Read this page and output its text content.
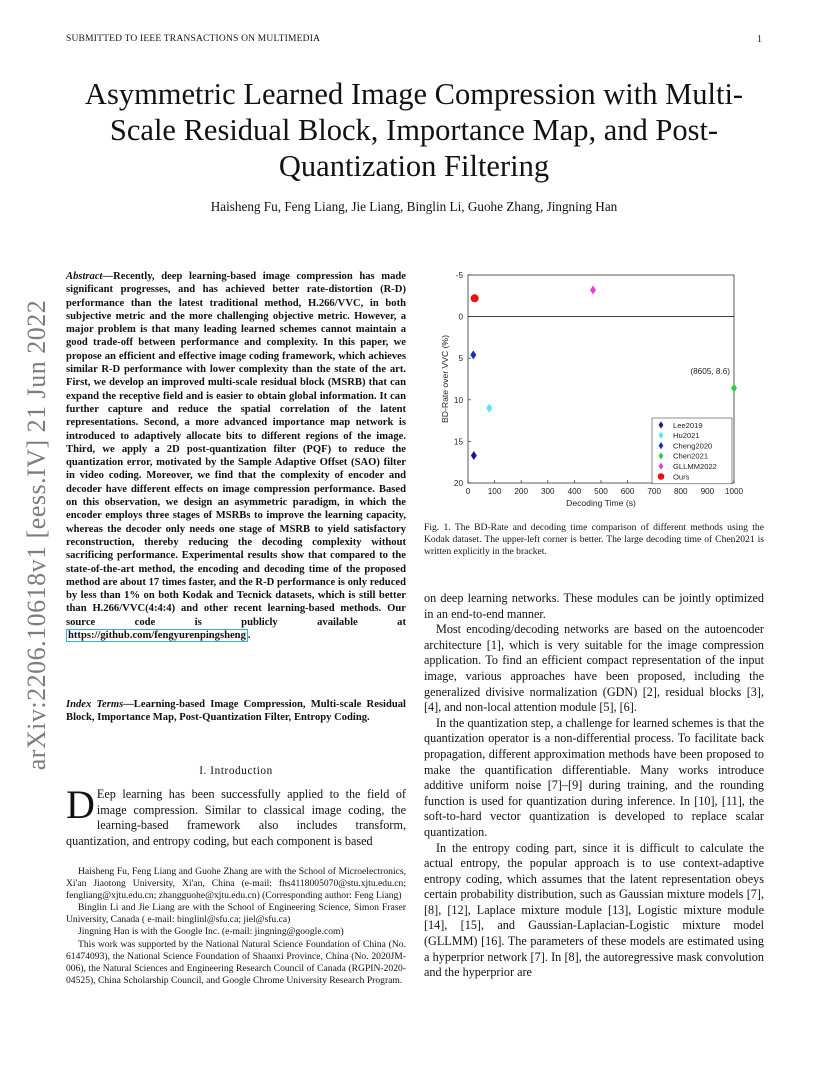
SUBMITTED TO IEEE TRANSACTIONS ON MULTIMEDIA	1
arXiv:2206.10618v1 [eess.IV] 21 Jun 2022
Asymmetric Learned Image Compression with Multi-Scale Residual Block, Importance Map, and Post-Quantization Filtering
Haisheng Fu, Feng Liang, Jie Liang, Binglin Li, Guohe Zhang, Jingning Han
Abstract—Recently, deep learning-based image compression has made significant progresses, and has achieved better rate-distortion (R-D) performance than the latest traditional method, H.266/VVC, in both subjective metric and the more challenging objective metric. However, a major problem is that many leading learned schemes cannot maintain a good trade-off between performance and complexity. In this paper, we propose an efficient and effective image coding framework, which achieves similar R-D performance with lower complexity than the state of the art. First, we develop an improved multi-scale residual block (MSRB) that can expand the receptive field and is easier to obtain global information. It can further capture and reduce the spatial correlation of the latent representations. Second, a more advanced importance map network is introduced to adaptively allocate bits to different regions of the image. Third, we apply a 2D post-quantization filter (PQF) to reduce the quantization error, motivated by the Sample Adaptive Offset (SAO) filter in video coding. Moreover, we find that the complexity of encoder and decoder have different effects on image compression performance. Based on this observation, we design an asymmetric paradigm, in which the encoder employs three stages of MSRBs to improve the learning capacity, whereas the decoder only needs one stage of MSRB to yield satisfactory reconstruction, thereby reducing the decoding complexity without sacrificing performance. Experimental results show that compared to the state-of-the-art method, the encoding and decoding time of the proposed method are about 17 times faster, and the R-D performance is only reduced by less than 1% on both Kodak and Tecnick datasets, which is still better than H.266/VVC(4:4:4) and other recent learning-based methods. Our source code is publicly available at https://github.com/fengyurenpingsheng .
Index Terms—Learning-based Image Compression, Multi-scale Residual Block, Importance Map, Post-Quantization Filter, Entropy Coding.
I. Introduction
D Eep learning has been successfully applied to the field of image compression. Similar to classical image coding, the learning-based framework also includes transform, quantization, and entropy coding, but each component is based

Haisheng Fu, Feng Liang and Guohe Zhang are with the School of Microelectronics, Xi'an Jiaotong University, Xi'an, China (e-mail: fhs4118005070@stu.xjtu.edu.cn; fengliang@xjtu.edu.cn; zhangguohe@xjtu.edu.cn) (Corresponding author: Feng Liang)

Binglin Li and Jie Liang are with the School of Engineering Science, Simon Fraser University, Canada ( e-mail: binglinl@sfu.ca; jiel@sfu.ca)

Jingning Han is with the Google Inc. (e-mail: jingning@google.com)

This work was supported by the National Natural Science Foundation of China (No. 61474093), the National Science Foundation of Shaanxi Province, China (No. 2020JM-006), the Natural Sciences and Engineering Research Council of Canada (RGPIN-2020-04525), China Scholarship Council, and Google Chrome University Research Program.

0 100 200 300 400 500 600 700 800 900 1000
-5
0
5
10
15
20
Decoding Time (s)
BD-Rate over VVC (%)	(8605, 8.6)
Lee2019
Hu2021
Cheng2020
Chen2021
GLLMM2022
Ours
Fig. 1. The BD-Rate and decoding time comparison of different methods using the Kodak dataset. The upper-left corner is better. The large decoding time of Chen2021 is written explicitly in the bracket.

on deep learning networks. These modules can be jointly optimized in an end-to-end manner.

Most encoding/decoding networks are based on the autoencoder architecture [1], which is very suitable for the image compression application. To find an efficient compact representation of the input image, various approaches have been proposed, including the generalized divisive normalization (GDN) [2], residual blocks [3], [4], and non-local attention module [5], [6].

In the quantization step, a challenge for learned schemes is that the quantization operator is a non-differential process. To facilitate back propagation, different approximation methods have been proposed to make the quantification differentiable. Many works introduce additive uniform noise [7]–[9] during training, and the rounding function is used for quantization during inference. In [10], [11], the soft-to-hard vector quantization is developed to replace scalar quantization.

In the entropy coding part, since it is difficult to calculate the actual entropy, the popular approach is to use context-adaptive entropy coding, which assumes that the latent representation obeys certain probability distribution, such as Gaussian mixture models [7], [8], [12], Laplace mixture module [13], Logistic mixture module [14], [15], and Gaussian-Laplacian-Logistic mixture model (GLLMM) [16]. The parameters of these models are estimated using a hyperprior network [7]. In [8], the autoregressive mask convolution and the hyperprior are
